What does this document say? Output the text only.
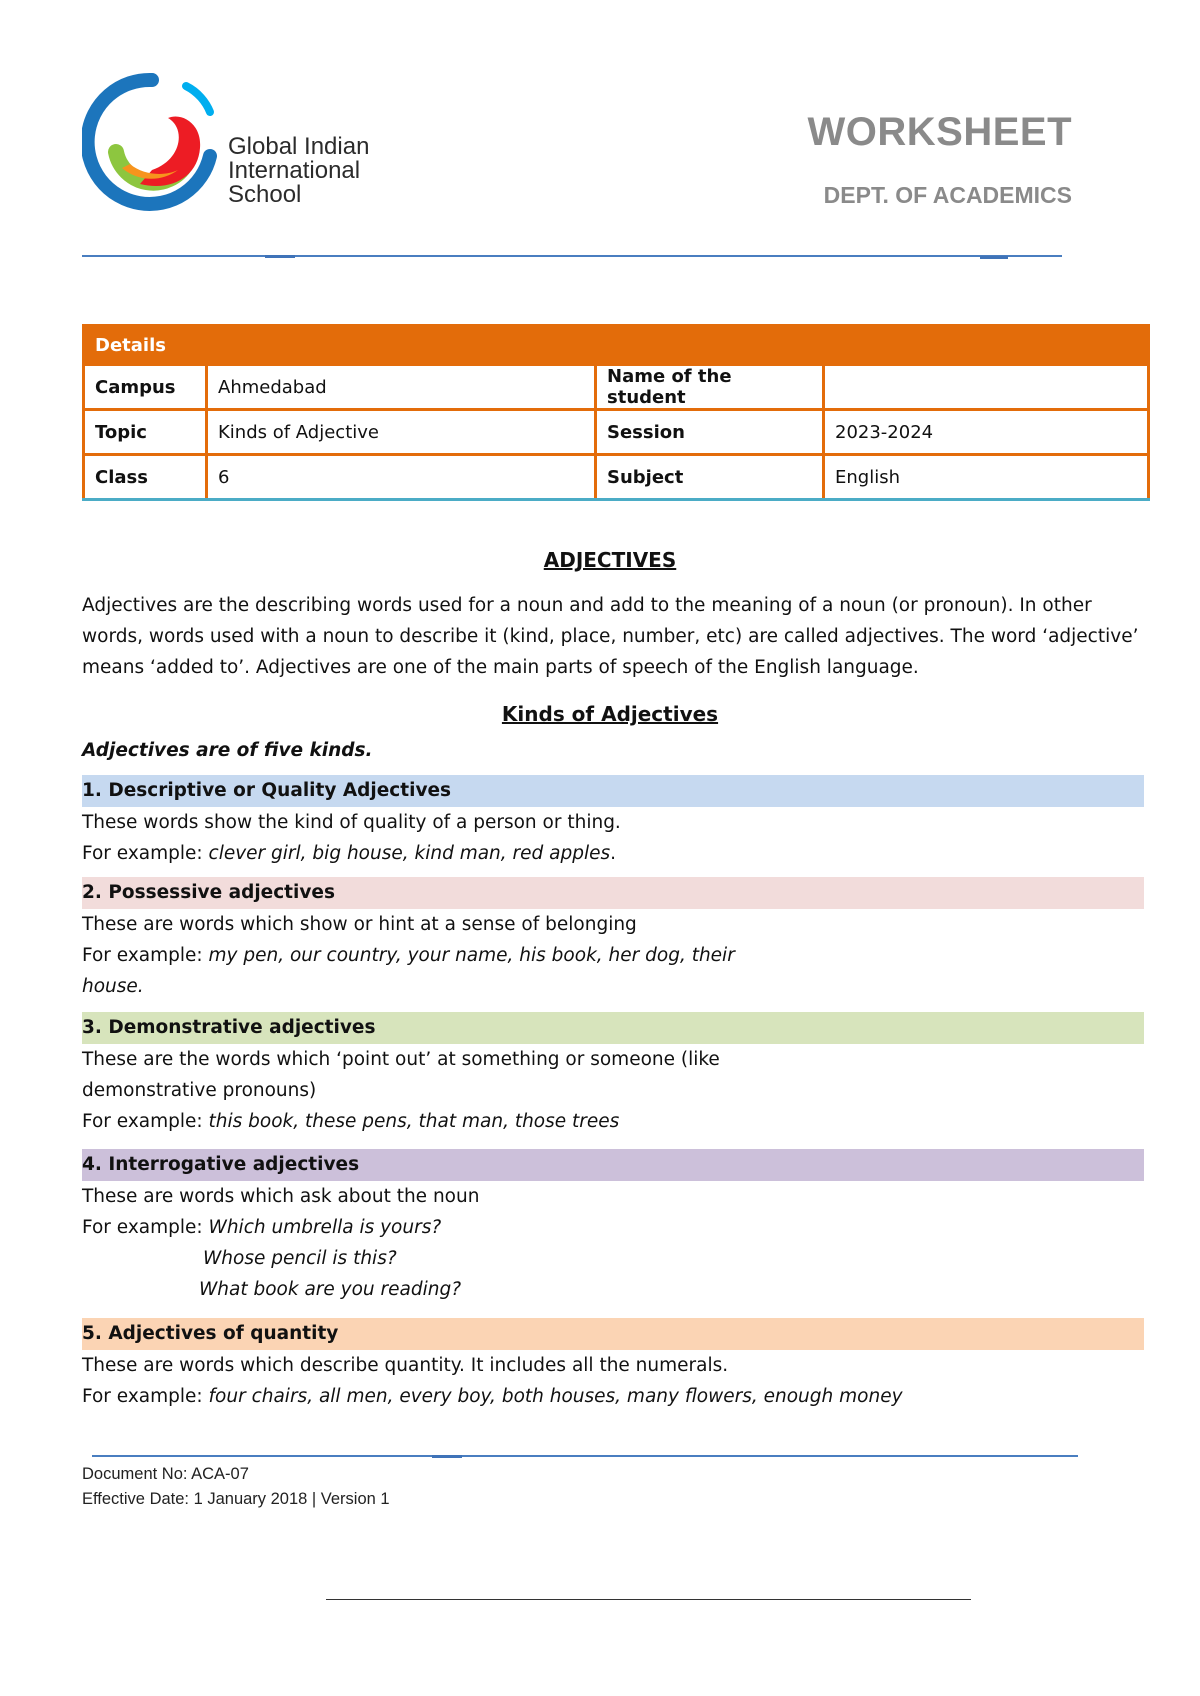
Global Indian
International
School
WORKSHEET
DEPT. OF ACADEMICS
Details			
Campus	Ahmedabad	Name of the student	
Topic	Kinds of Adjective	Session	2023-2024
Class	6	Subject	English
ADJECTIVES
Adjectives are the describing words used for a noun and add to the meaning of a noun (or pronoun). In other
words, words used with a noun to describe it (kind, place, number, etc) are called adjectives. The word ‘adjective’
means ‘added to’. Adjectives are one of the main parts of speech of the English language.
Kinds of Adjectives
Adjectives are of five kinds.
1. Descriptive or Quality Adjectives
These words show the kind of quality of a person or thing.
For example: clever girl, big house, kind man, red apples.
2. Possessive adjectives
These are words which show or hint at a sense of belonging
For example: my pen, our country, your name, his book, her dog, their
house.
3. Demonstrative adjectives
These are the words which ‘point out’ at something or someone (like
demonstrative pronouns)
For example: this book, these pens, that man, those trees
4. Interrogative adjectives
These are words which ask about the noun
For example: Which umbrella is yours?
Whose pencil is this?
What book are you reading?
5. Adjectives of quantity
These are words which describe quantity. It includes all the numerals.
For example: four chairs, all men, every boy, both houses, many flowers, enough money
Document No: ACA-07
Effective Date: 1 January 2018 | Version 1
